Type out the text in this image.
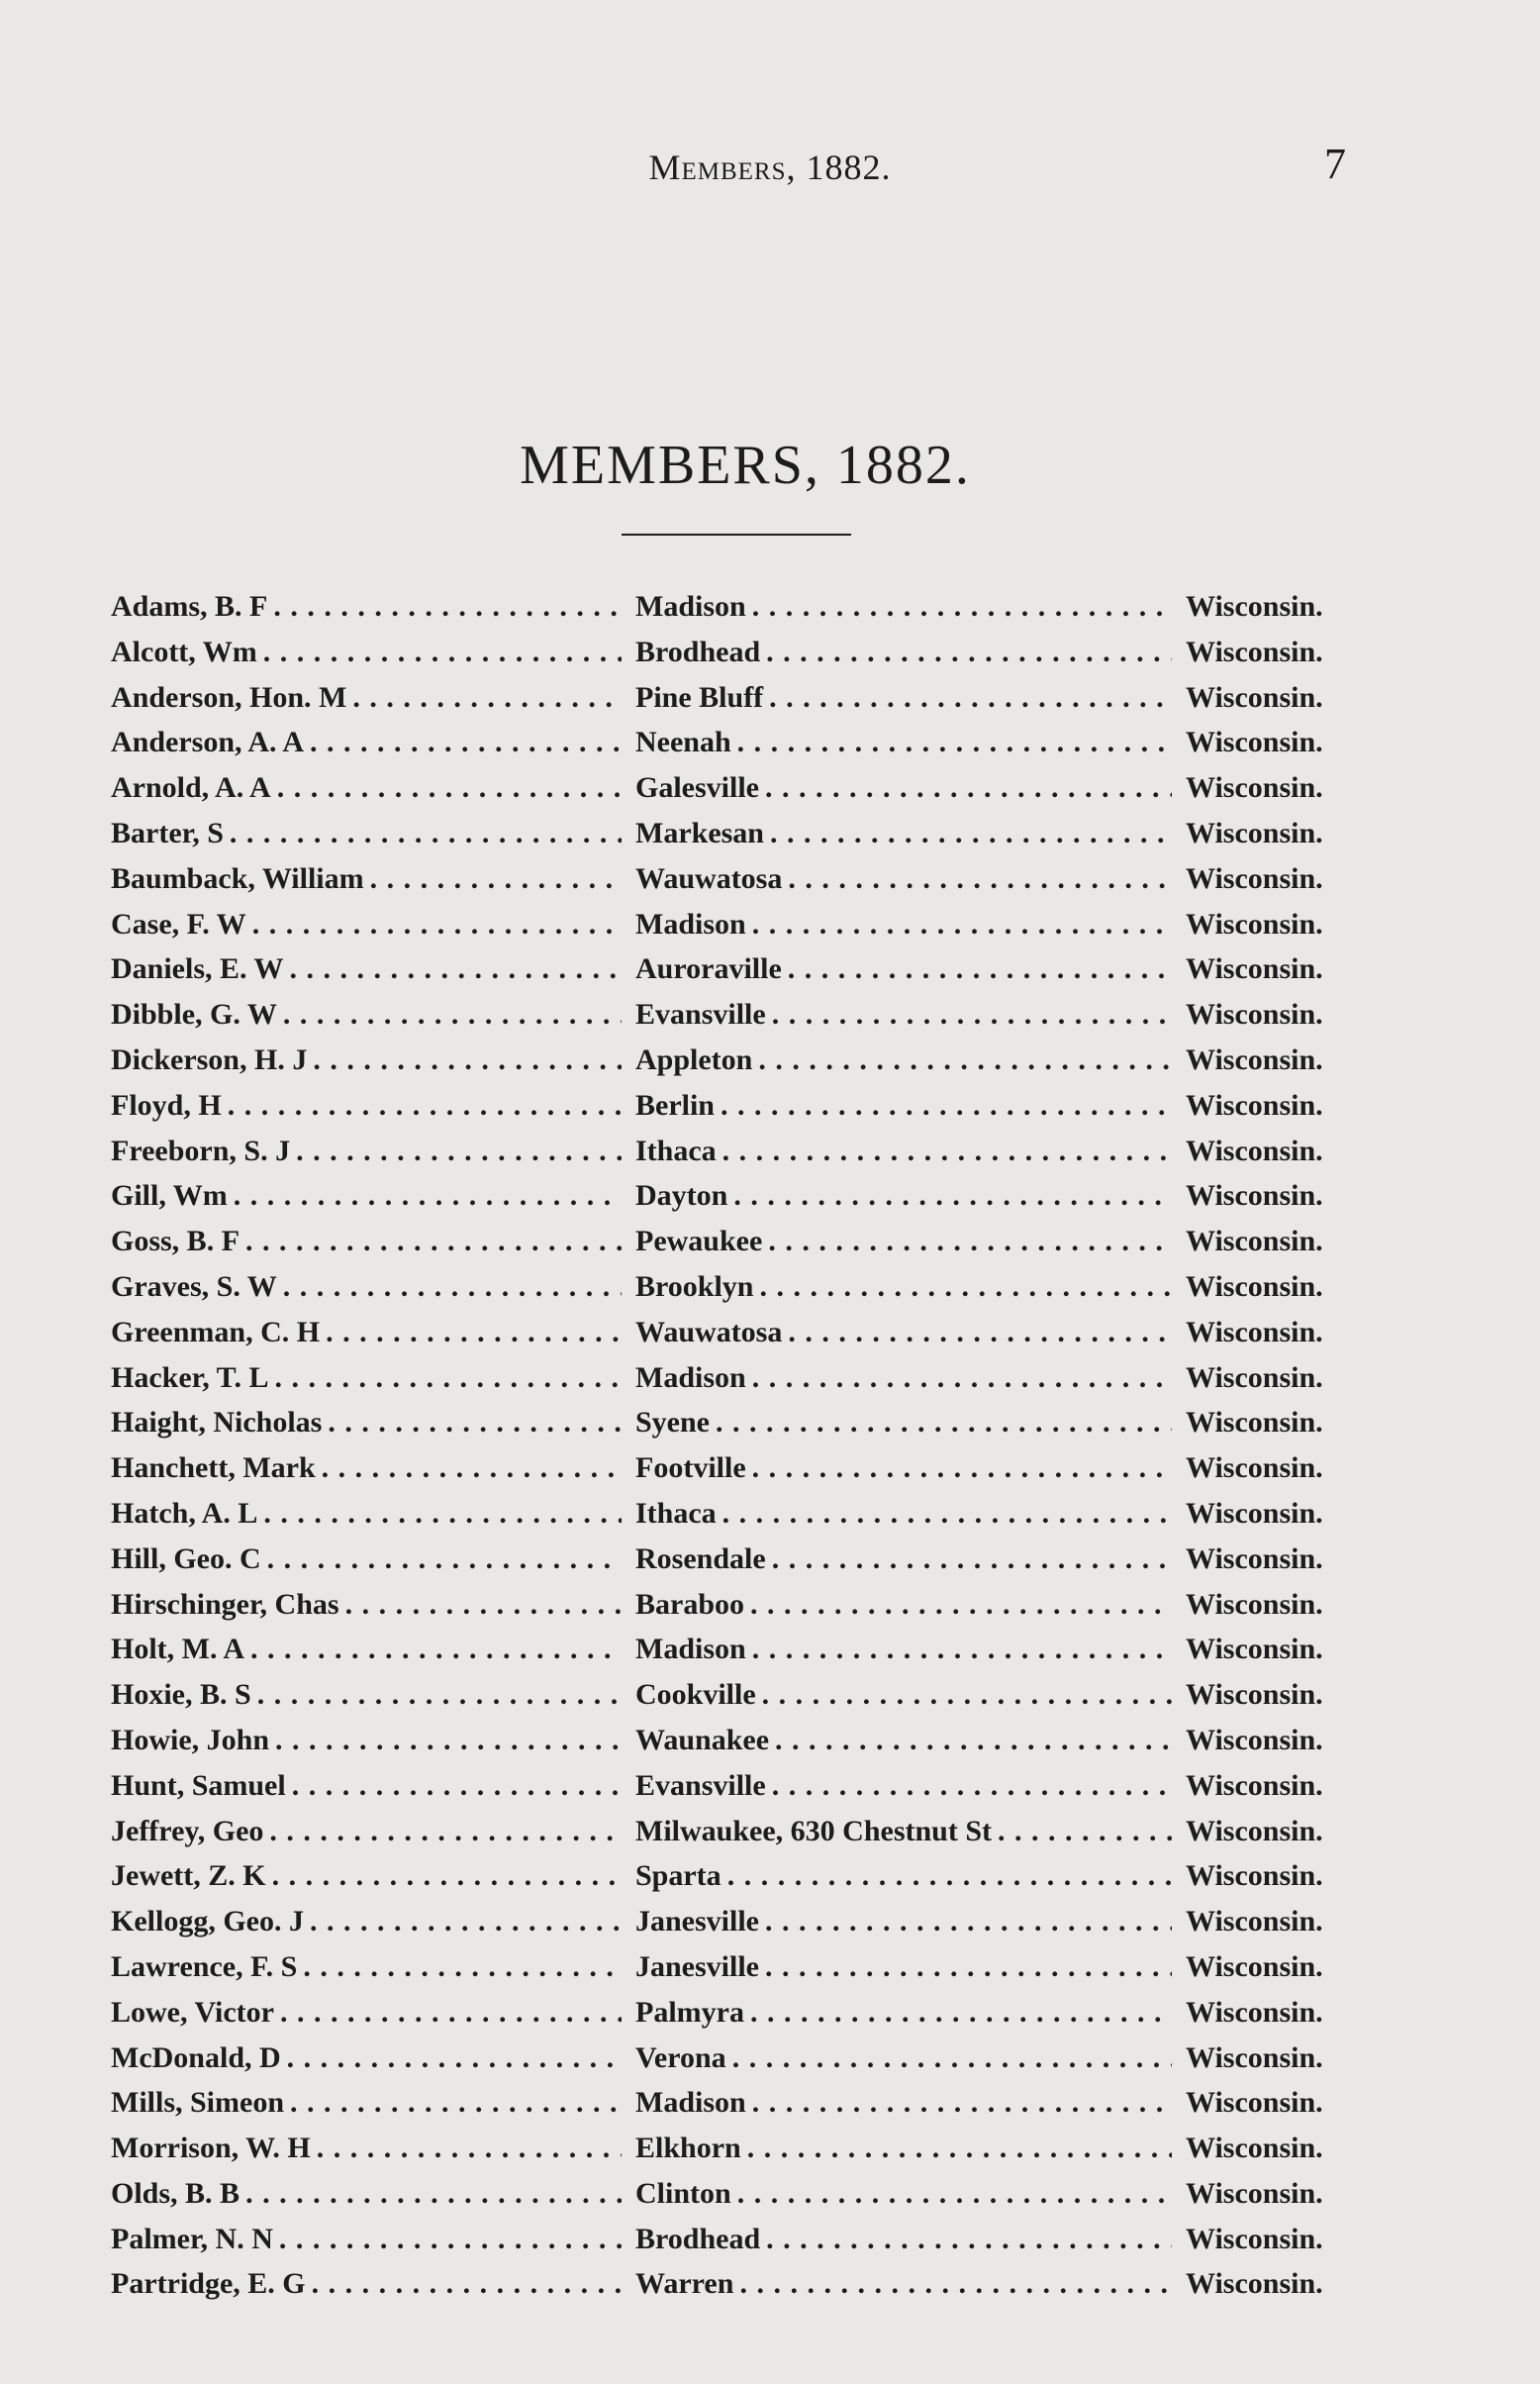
Members, 1882.	7
MEMBERS, 1882.
Adams, B. F . . .	Madison . . .	Wisconsin.
Alcott, Wm . . .	Brodhead . . .	Wisconsin.
Anderson, Hon. M . . .	Pine Bluff . . .	Wisconsin.
Anderson, A. A . . .	Neenah . . .	Wisconsin.
Arnold, A. A . . .	Galesville . . .	Wisconsin.
Barter, S . . .	Markesan . . .	Wisconsin.
Baumback, William . . .	Wauwatosa . . .	Wisconsin.
Case, F. W . . .	Madison . . .	Wisconsin.
Daniels, E. W . . .	Auroraville . . .	Wisconsin.
Dibble, G. W . . .	Evansville . . .	Wisconsin.
Dickerson, H. J . . .	Appleton . . .	Wisconsin.
Floyd, H . . .	Berlin . . .	Wisconsin.
Freeborn, S. J . . .	Ithaca . . .	Wisconsin.
Gill, Wm . . .	Dayton . . .	Wisconsin.
Goss, B. F . . .	Pewaukee . . .	Wisconsin.
Graves, S. W . . .	Brooklyn . . .	Wisconsin.
Greenman, C. H . . .	Wauwatosa . . .	Wisconsin.
Hacker, T. L . . .	Madison . . .	Wisconsin.
Haight, Nicholas . . .	Syene . . .	Wisconsin.
Hanchett, Mark . . .	Footville . . .	Wisconsin.
Hatch, A. L . . .	Ithaca . . .	Wisconsin.
Hill, Geo. C . . .	Rosendale . . .	Wisconsin.
Hirschinger, Chas . . .	Baraboo . . .	Wisconsin.
Holt, M. A . . .	Madison . . .	Wisconsin.
Hoxie, B. S . . .	Cookville . . .	Wisconsin.
Howie, John . . .	Waunakee . . .	Wisconsin.
Hunt, Samuel . . .	Evansville . . .	Wisconsin.
Jeffrey, Geo . . .	Milwaukee, 630 Chestnut St . . .	Wisconsin.
Jewett, Z. K . . .	Sparta . . .	Wisconsin.
Kellogg, Geo. J . . .	Janesville . . .	Wisconsin.
Lawrence, F. S . . .	Janesville . . .	Wisconsin.
Lowe, Victor . . .	Palmyra . . .	Wisconsin.
McDonald, D . . .	Verona . . .	Wisconsin.
Mills, Simeon . . .	Madison . . .	Wisconsin.
Morrison, W. H . . .	Elkhorn . . .	Wisconsin.
Olds, B. B . . .	Clinton . . .	Wisconsin.
Palmer, N. N . . .	Brodhead . . .	Wisconsin.
Partridge, E. G . . .	Warren . . .	Wisconsin.
